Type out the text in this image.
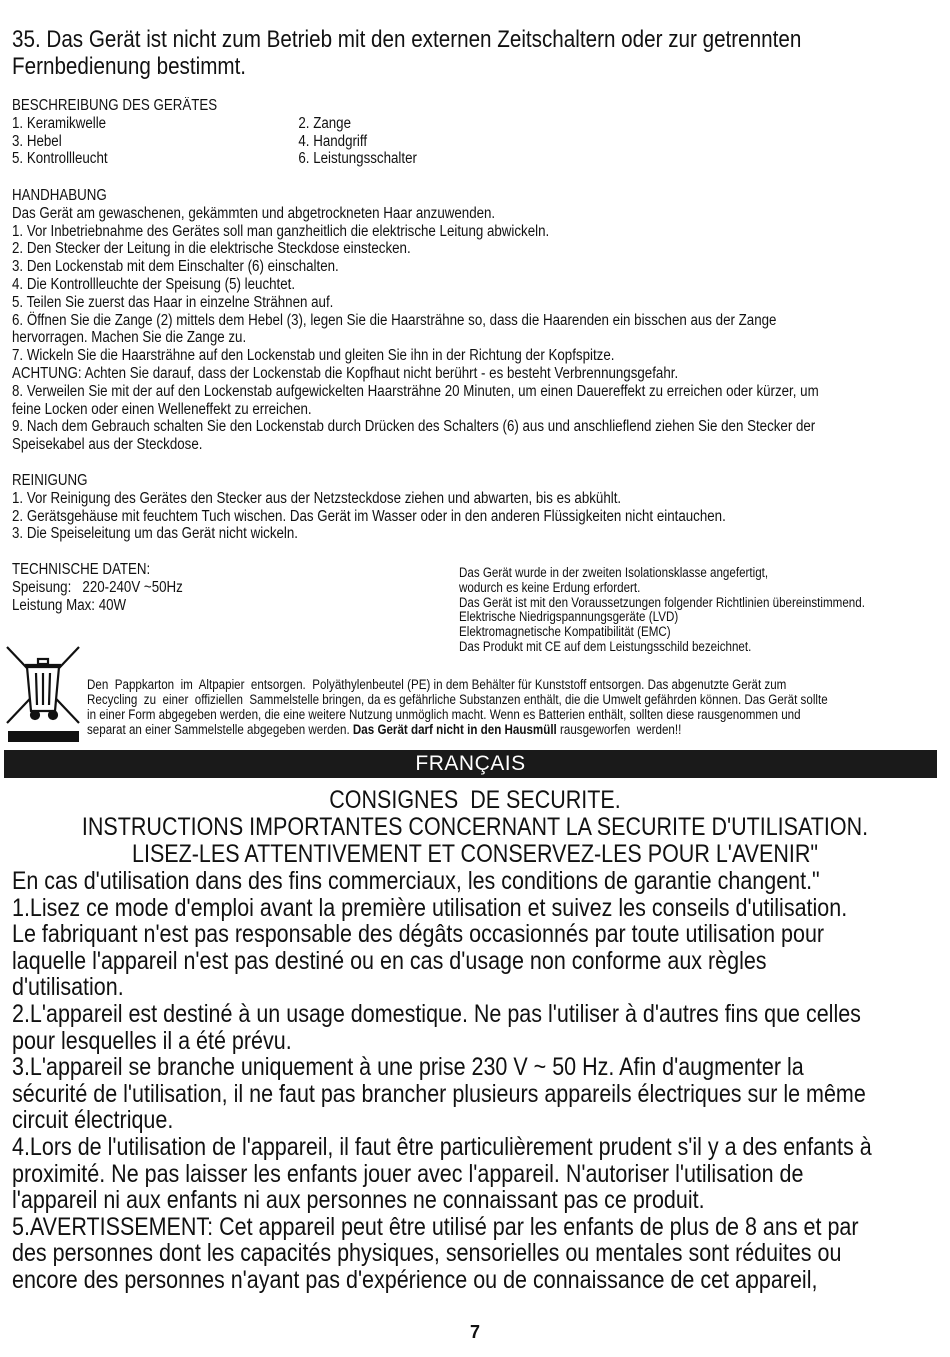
35. Das Gerät ist nicht zum Betrieb mit den externen Zeitschaltern oder zur getrennten
Fernbedienung bestimmt.
BESCHREIBUNG DES GERÄTES
1. Keramikwelle	2. Zange
3. Hebel	4. Handgriff
5. Kontrollleucht	6. Leistungsschalter
HANDHABUNG
Das Gerät am gewaschenen, gekämmten und abgetrockneten Haar anzuwenden.
1. Vor Inbetriebnahme des Gerätes soll man ganzheitlich die elektrische Leitung abwickeln.
2. Den Stecker der Leitung in die elektrische Steckdose einstecken.
3. Den Lockenstab mit dem Einschalter (6) einschalten.
4. Die Kontrollleuchte der Speisung (5) leuchtet.
5. Teilen Sie zuerst das Haar in einzelne Strähnen auf.
6. Öffnen Sie die Zange (2) mittels dem Hebel (3), legen Sie die Haarsträhne so, dass die Haarenden ein bisschen aus der Zange
hervorragen. Machen Sie die Zange zu.
7. Wickeln Sie die Haarsträhne auf den Lockenstab und gleiten Sie ihn in der Richtung der Kopfspitze.
ACHTUNG: Achten Sie darauf, dass der Lockenstab die Kopfhaut nicht berührt - es besteht Verbrennungsgefahr.
8. Verweilen Sie mit der auf den Lockenstab aufgewickelten Haarsträhne 20 Minuten, um einen Dauereffekt zu erreichen oder kürzer, um
feine Locken oder einen Welleneffekt zu erreichen.
9. Nach dem Gebrauch schalten Sie den Lockenstab durch Drücken des Schalters (6) aus und anschlieflend ziehen Sie den Stecker der
Speisekabel aus der Steckdose.
REINIGUNG
1. Vor Reinigung des Gerätes den Stecker aus der Netzsteckdose ziehen und abwarten, bis es abkühlt.
2. Gerätsgehäuse mit feuchtem Tuch wischen. Das Gerät im Wasser oder in den anderen Flüssigkeiten nicht eintauchen.
3. Die Speiseleitung um das Gerät nicht wickeln.
TECHNISCHE DATEN:
Speisung:   220-240V ~50Hz
Leistung Max: 40W
Das Gerät wurde in der zweiten Isolationsklasse angefertigt,
wodurch es keine Erdung erfordert.
Das Gerät ist mit den Voraussetzungen folgender Richtlinien übereinstimmend.
Elektrische Niedrigspannungsgeräte (LVD)
Elektromagnetische Kompatibilität (EMC)
Das Produkt mit CE auf dem Leistungsschild bezeichnet.
Den  Pappkarton  im  Altpapier  entsorgen.  Polyäthylenbeutel (PE) in dem Behälter für Kunststoff entsorgen. Das abgenutzte Gerät zum
Recycling  zu  einer  offiziellen  Sammelstelle bringen, da es gefährliche Substanzen enthält, die die Umwelt gefährden können. Das Gerät sollte
in einer Form abgegeben werden, die eine weitere Nutzung unmöglich macht. Wenn es Batterien enthält, sollten diese rausgenommen und
separat an einer Sammelstelle abgegeben werden. Das Gerät darf nicht in den Hausmüll rausgeworfen  werden!!
FRANÇAIS
CONSIGNES  DE SECURITE.
INSTRUCTIONS IMPORTANTES CONCERNANT LA SECURITE D'UTILISATION.
LISEZ-LES ATTENTIVEMENT ET CONSERVEZ-LES POUR L'AVENIR"
En cas d'utilisation dans des fins commerciaux, les conditions de garantie changent."
1.Lisez ce mode d'emploi avant la première utilisation et suivez les conseils d'utilisation.
Le fabriquant n'est pas responsable des dégâts occasionnés par toute utilisation pour
laquelle l'appareil n'est pas destiné ou en cas d'usage non conforme aux règles
d'utilisation.
2.L'appareil est destiné à un usage domestique. Ne pas l'utiliser à d'autres fins que celles
pour lesquelles il a été prévu.
3.L'appareil se branche uniquement à une prise 230 V ~ 50 Hz. Afin d'augmenter la
sécurité de l'utilisation, il ne faut pas brancher plusieurs appareils électriques sur le même
circuit électrique.
4.Lors de l'utilisation de l'appareil, il faut être particulièrement prudent s'il y a des enfants à
proximité. Ne pas laisser les enfants jouer avec l'appareil. N'autoriser l'utilisation de
l'appareil ni aux enfants ni aux personnes ne connaissant pas ce produit.
5.AVERTISSEMENT: Cet appareil peut être utilisé par les enfants de plus de 8 ans et par
des personnes dont les capacités physiques, sensorielles ou mentales sont réduites ou
encore des personnes n'ayant pas d'expérience ou de connaissance de cet appareil,
7
